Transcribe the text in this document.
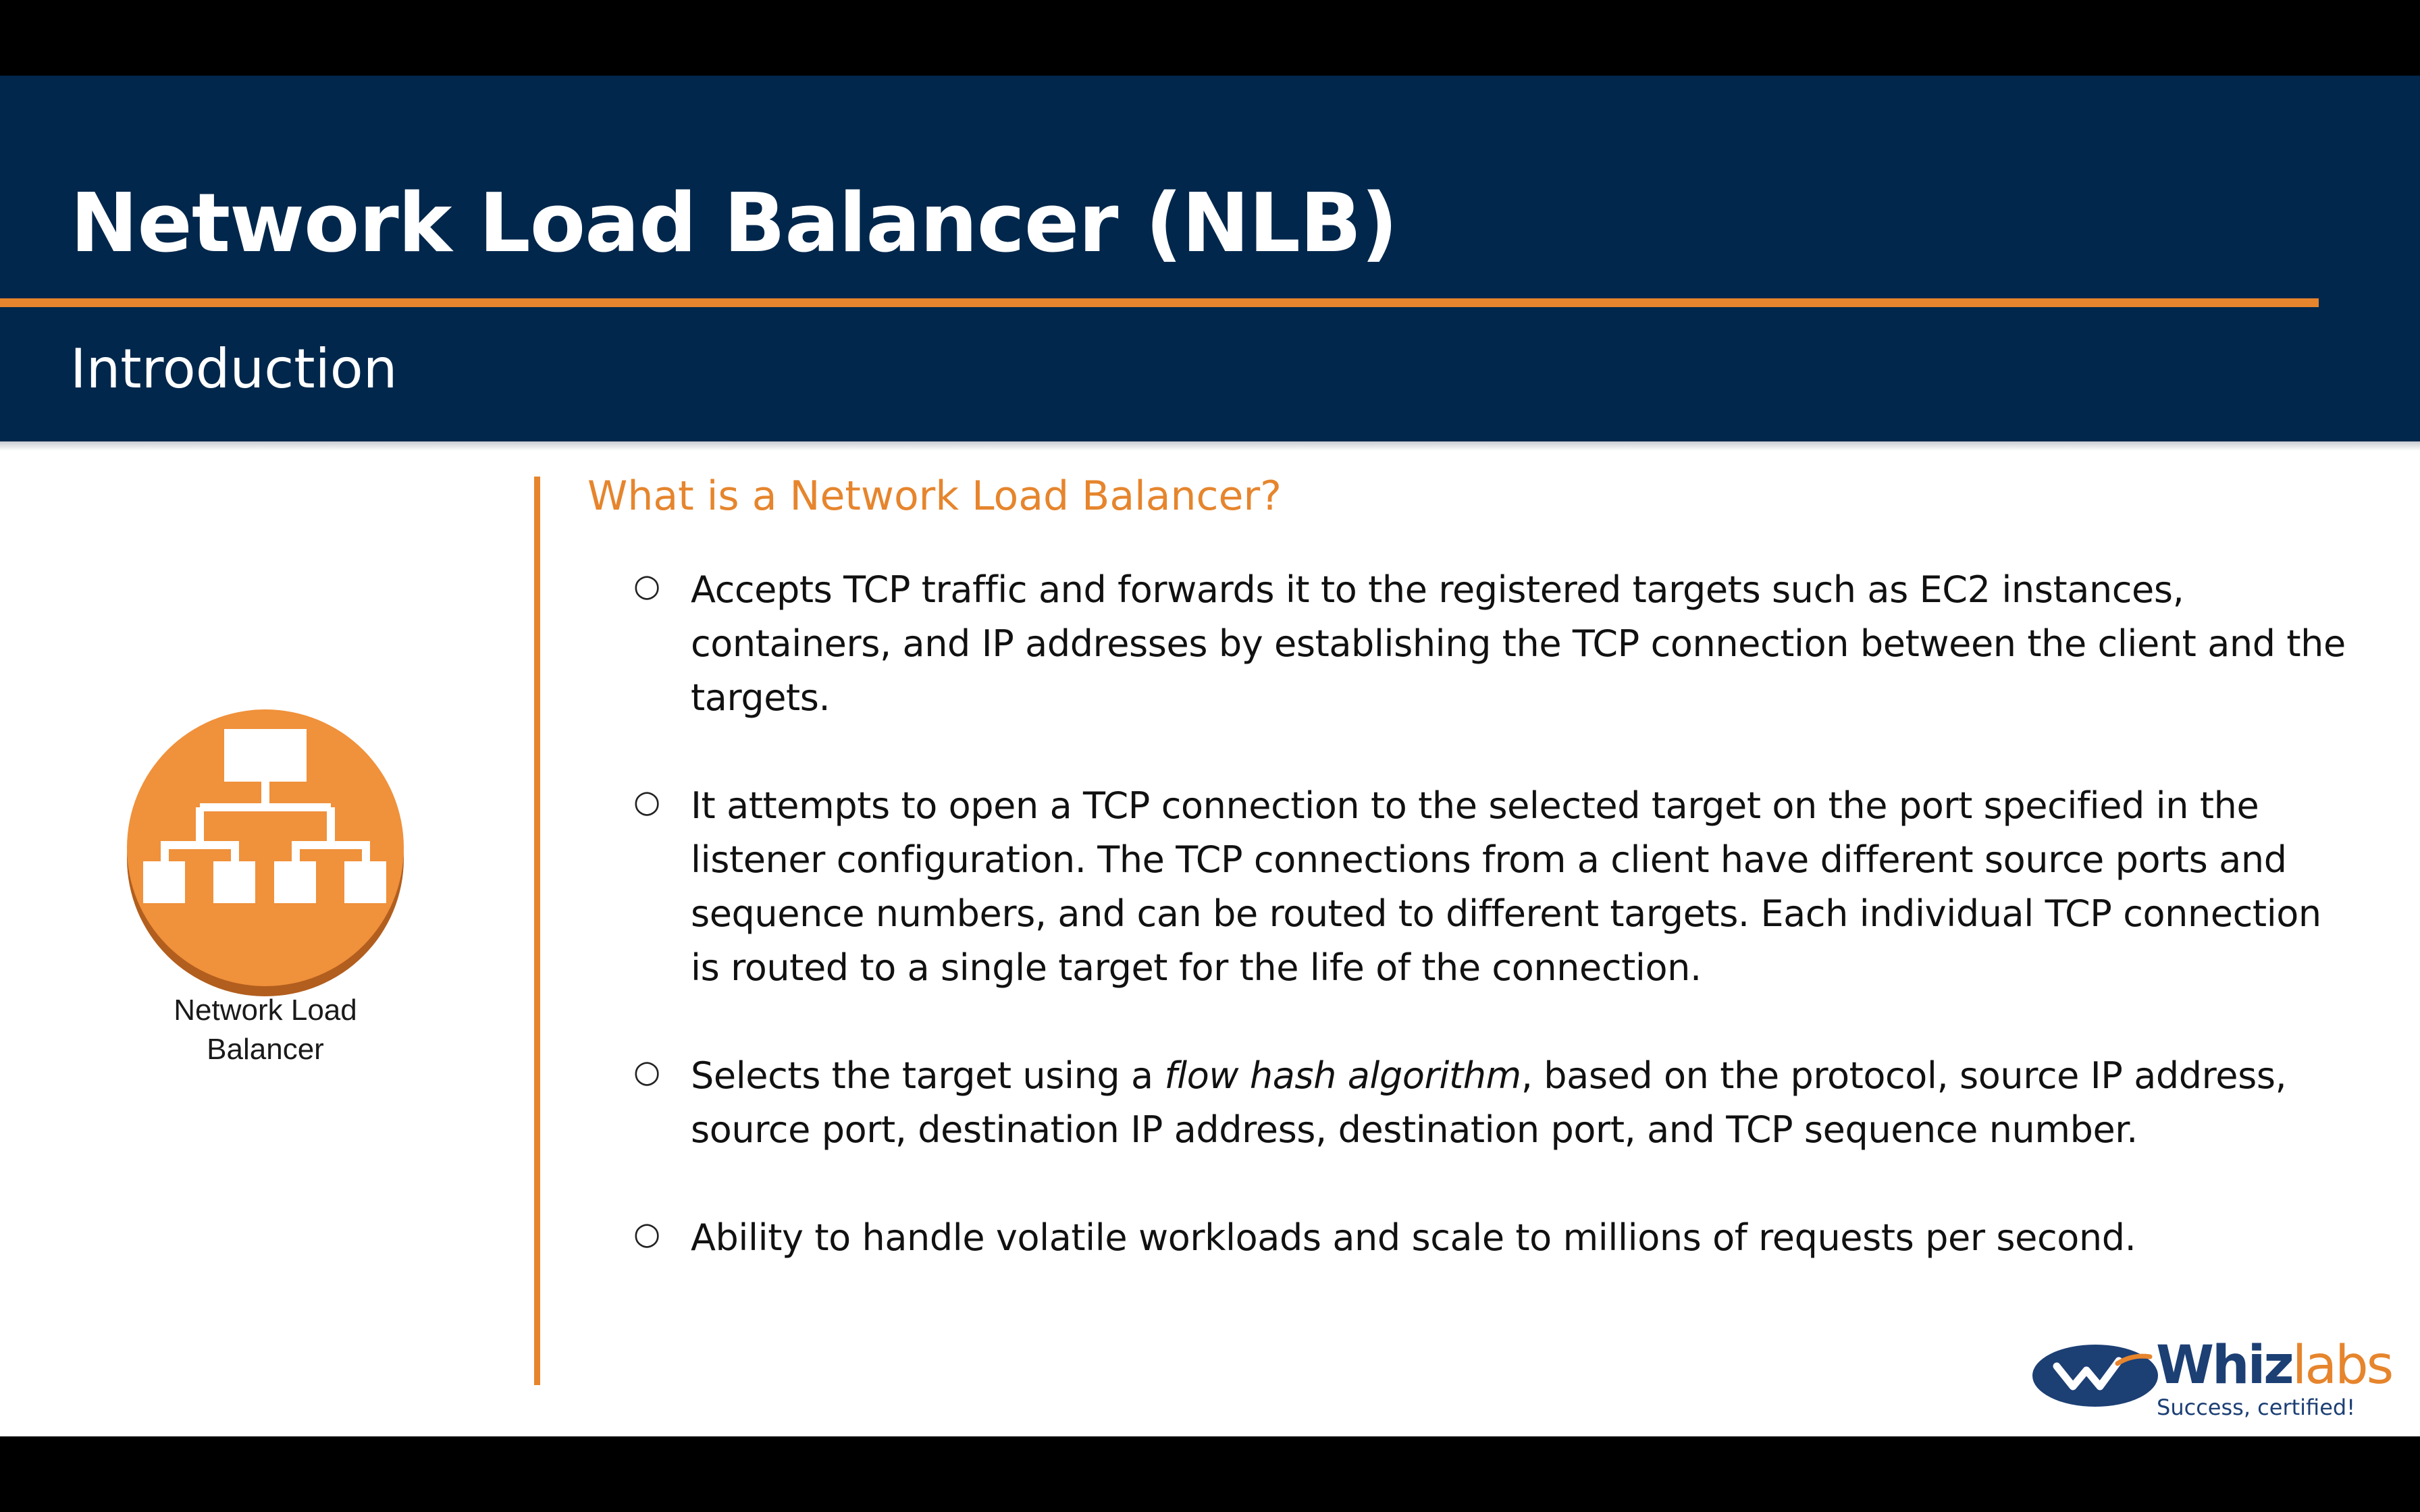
Network Load Balancer (NLB)
Introduction
Network Load
Balancer
What is a Network Load Balancer?
○ Accepts TCP traffic and forwards it to the registered targets such as EC2 instances, containers, and IP addresses by establishing the TCP connection between the client and the targets.
○ It attempts to open a TCP connection to the selected target on the port specified in the listener configuration. The TCP connections from a client have different source ports and sequence numbers, and can be routed to different targets. Each individual TCP connection is routed to a single target for the life of the connection.
○ Selects the target using a flow hash algorithm, based on the protocol, source IP address, source port, destination IP address, destination port, and TCP sequence number.
○ Ability to handle volatile workloads and scale to millions of requests per second.
Whizlabs
Success, certified!
